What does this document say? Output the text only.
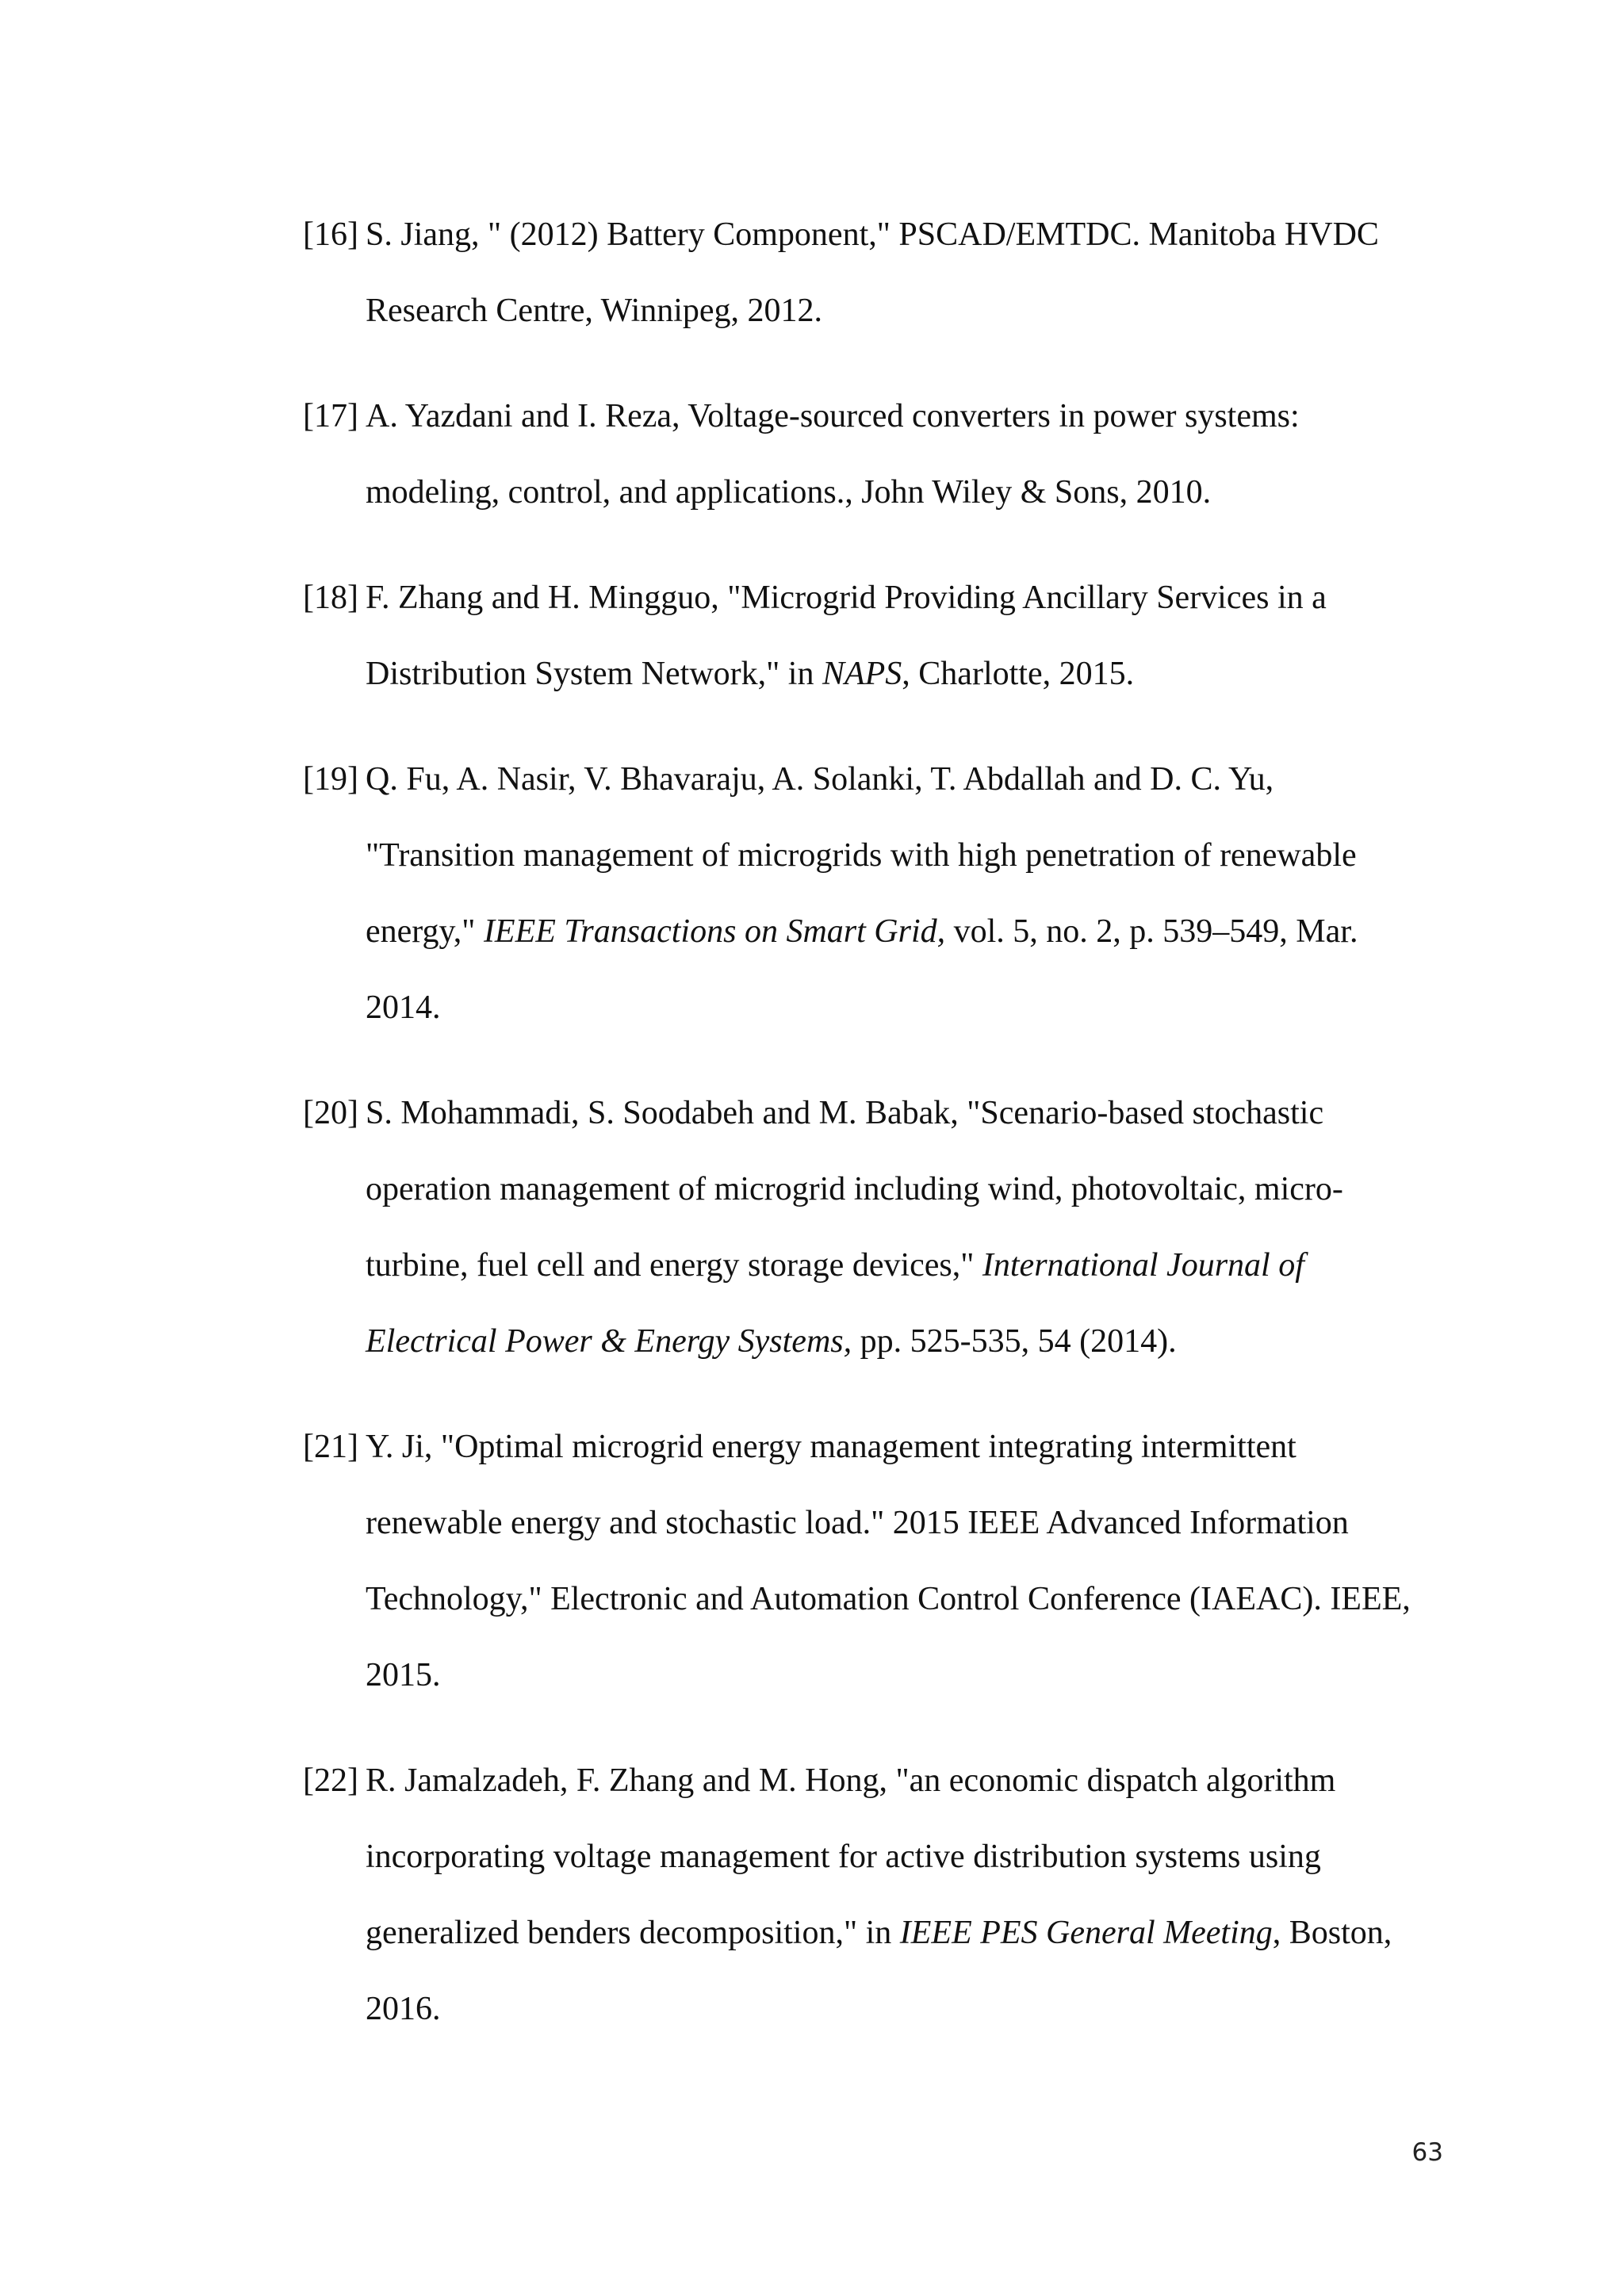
[16] S. Jiang, " (2012) Battery Component," PSCAD/EMTDC. Manitoba HVDC
Research Centre, Winnipeg, 2012.
[17] A. Yazdani and I. Reza, Voltage-sourced converters in power systems:
modeling, control, and applications., John Wiley & Sons, 2010.
[18] F. Zhang and H. Mingguo, "Microgrid Providing Ancillary Services in a
Distribution System Network," in NAPS, Charlotte, 2015.
[19] Q. Fu, A. Nasir, V. Bhavaraju, A. Solanki, T. Abdallah and D. C. Yu,
"Transition management of microgrids with high penetration of renewable
energy," IEEE Transactions on Smart Grid, vol. 5, no. 2, p. 539–549, Mar.
2014.
[20] S. Mohammadi, S. Soodabeh and M. Babak, "Scenario-based stochastic
operation management of microgrid including wind, photovoltaic, micro-
turbine, fuel cell and energy storage devices," International Journal of
Electrical Power & Energy Systems, pp. 525-535, 54 (2014).
[21] Y. Ji, "Optimal microgrid energy management integrating intermittent
renewable energy and stochastic load." 2015 IEEE Advanced Information
Technology," Electronic and Automation Control Conference (IAEAC). IEEE,
2015.
[22] R. Jamalzadeh, F. Zhang and M. Hong, "an economic dispatch algorithm
incorporating voltage management for active distribution systems using
generalized benders decomposition," in IEEE PES General Meeting, Boston,
2016.
63
